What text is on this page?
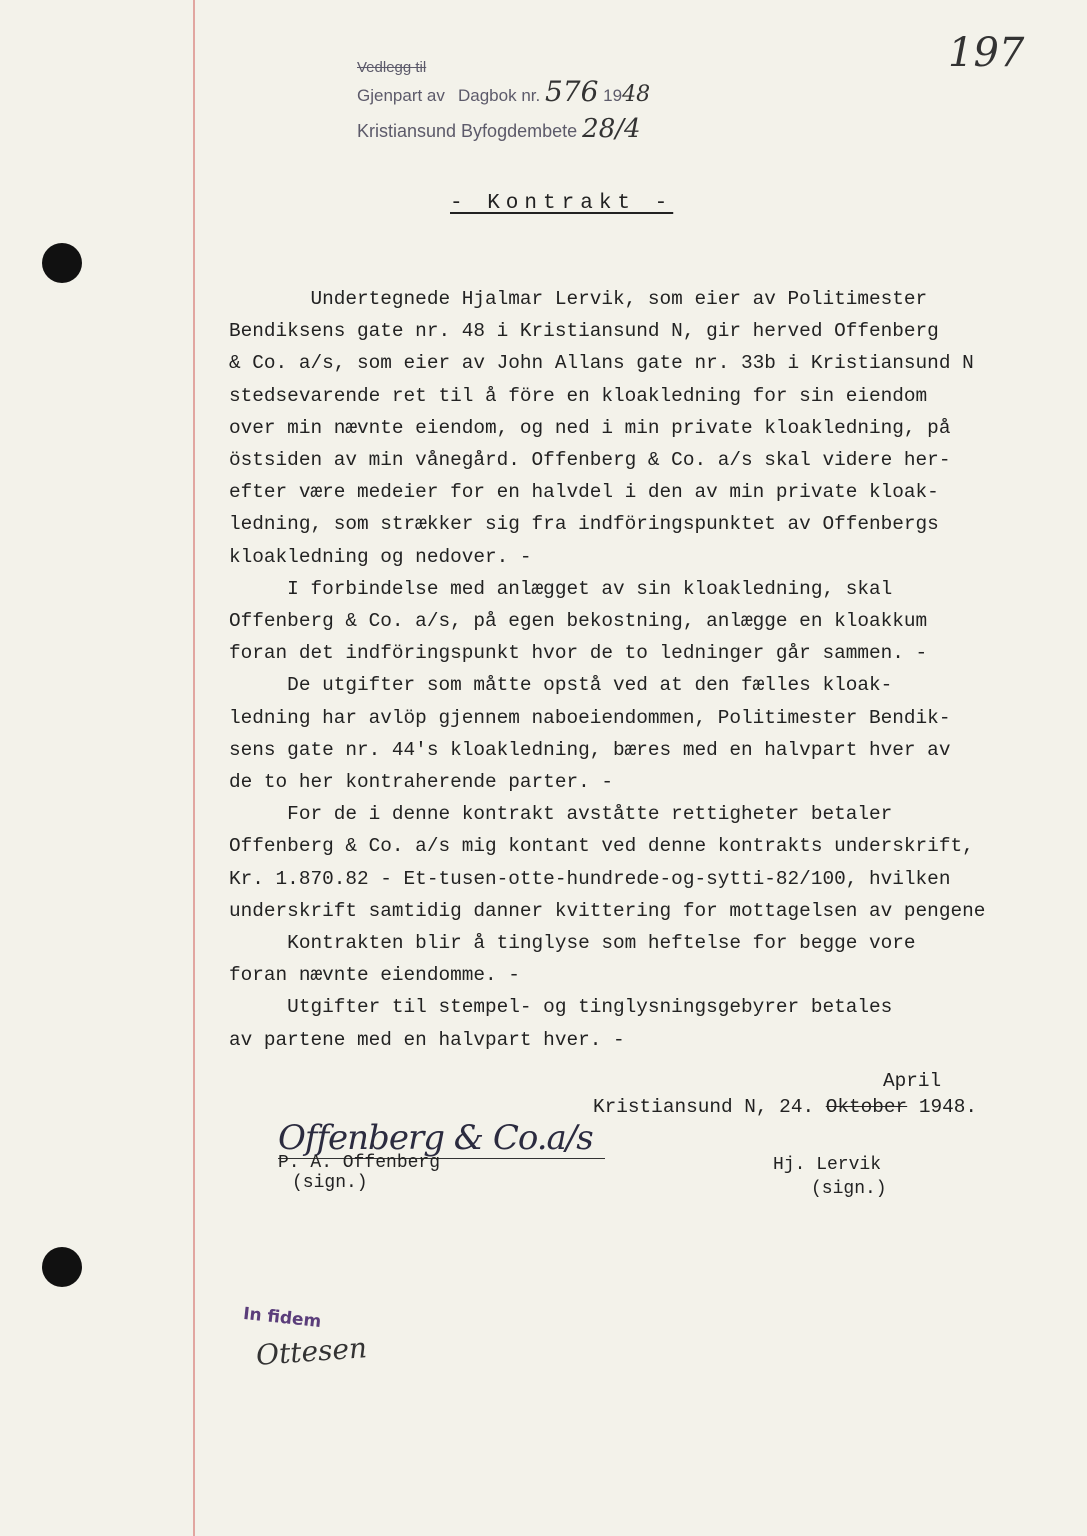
Vedlegg til
Gjenpart av Dagbok nr. 576 1948
Kristiansund Byfogdembete 28/4
197
- Kontrakt -
Undertegnede Hjalmar Lervik, som eier av Politimester
Bendiksens gate nr. 48 i Kristiansund N, gir herved Offenberg
& Co. a/s, som eier av John Allans gate nr. 33b i Kristiansund N
stedsevarende ret til å före en kloakledning for sin eiendom
over min nævnte eiendom, og ned i min private kloakledning, på
östsiden av min vånegård. Offenberg & Co. a/s skal videre her-
efter være medeier for en halvdel i den av min private kloak-
ledning, som strækker sig fra indföringspunktet av Offenbergs
kloakledning og nedover. -
I forbindelse med anlægget av sin kloakledning, skal
Offenberg & Co. a/s, på egen bekostning, anlægge en kloakkum
foran det indföringspunkt hvor de to ledninger går sammen. -
De utgifter som måtte opstå ved at den fælles kloak-
ledning har avlöp gjennem naboeiendommen, Politimester Bendik-
sens gate nr. 44's kloakledning, bæres med en halvpart hver av
de to her kontraherende parter. -
For de i denne kontrakt avståtte rettigheter betaler
Offenberg & Co. a/s mig kontant ved denne kontrakts underskrift,
Kr. 1.870.82 - Et-tusen-otte-hundrede-og-sytti-82/100, hvilken
underskrift samtidig danner kvittering for mottagelsen av pengene
Kontrakten blir å tinglyse som heftelse for begge vore
foran nævnte eiendomme. -
Utgifter til stempel- og tinglysningsgebyrer betales
av partene med en halvpart hver. -
April
Kristiansund N, 24. Oktober 1948.
Offenberg & Co.a/s
P. A. Offenberg
(sign.)
Hj. Lervik
(sign.)
In fidem
Ottesen
